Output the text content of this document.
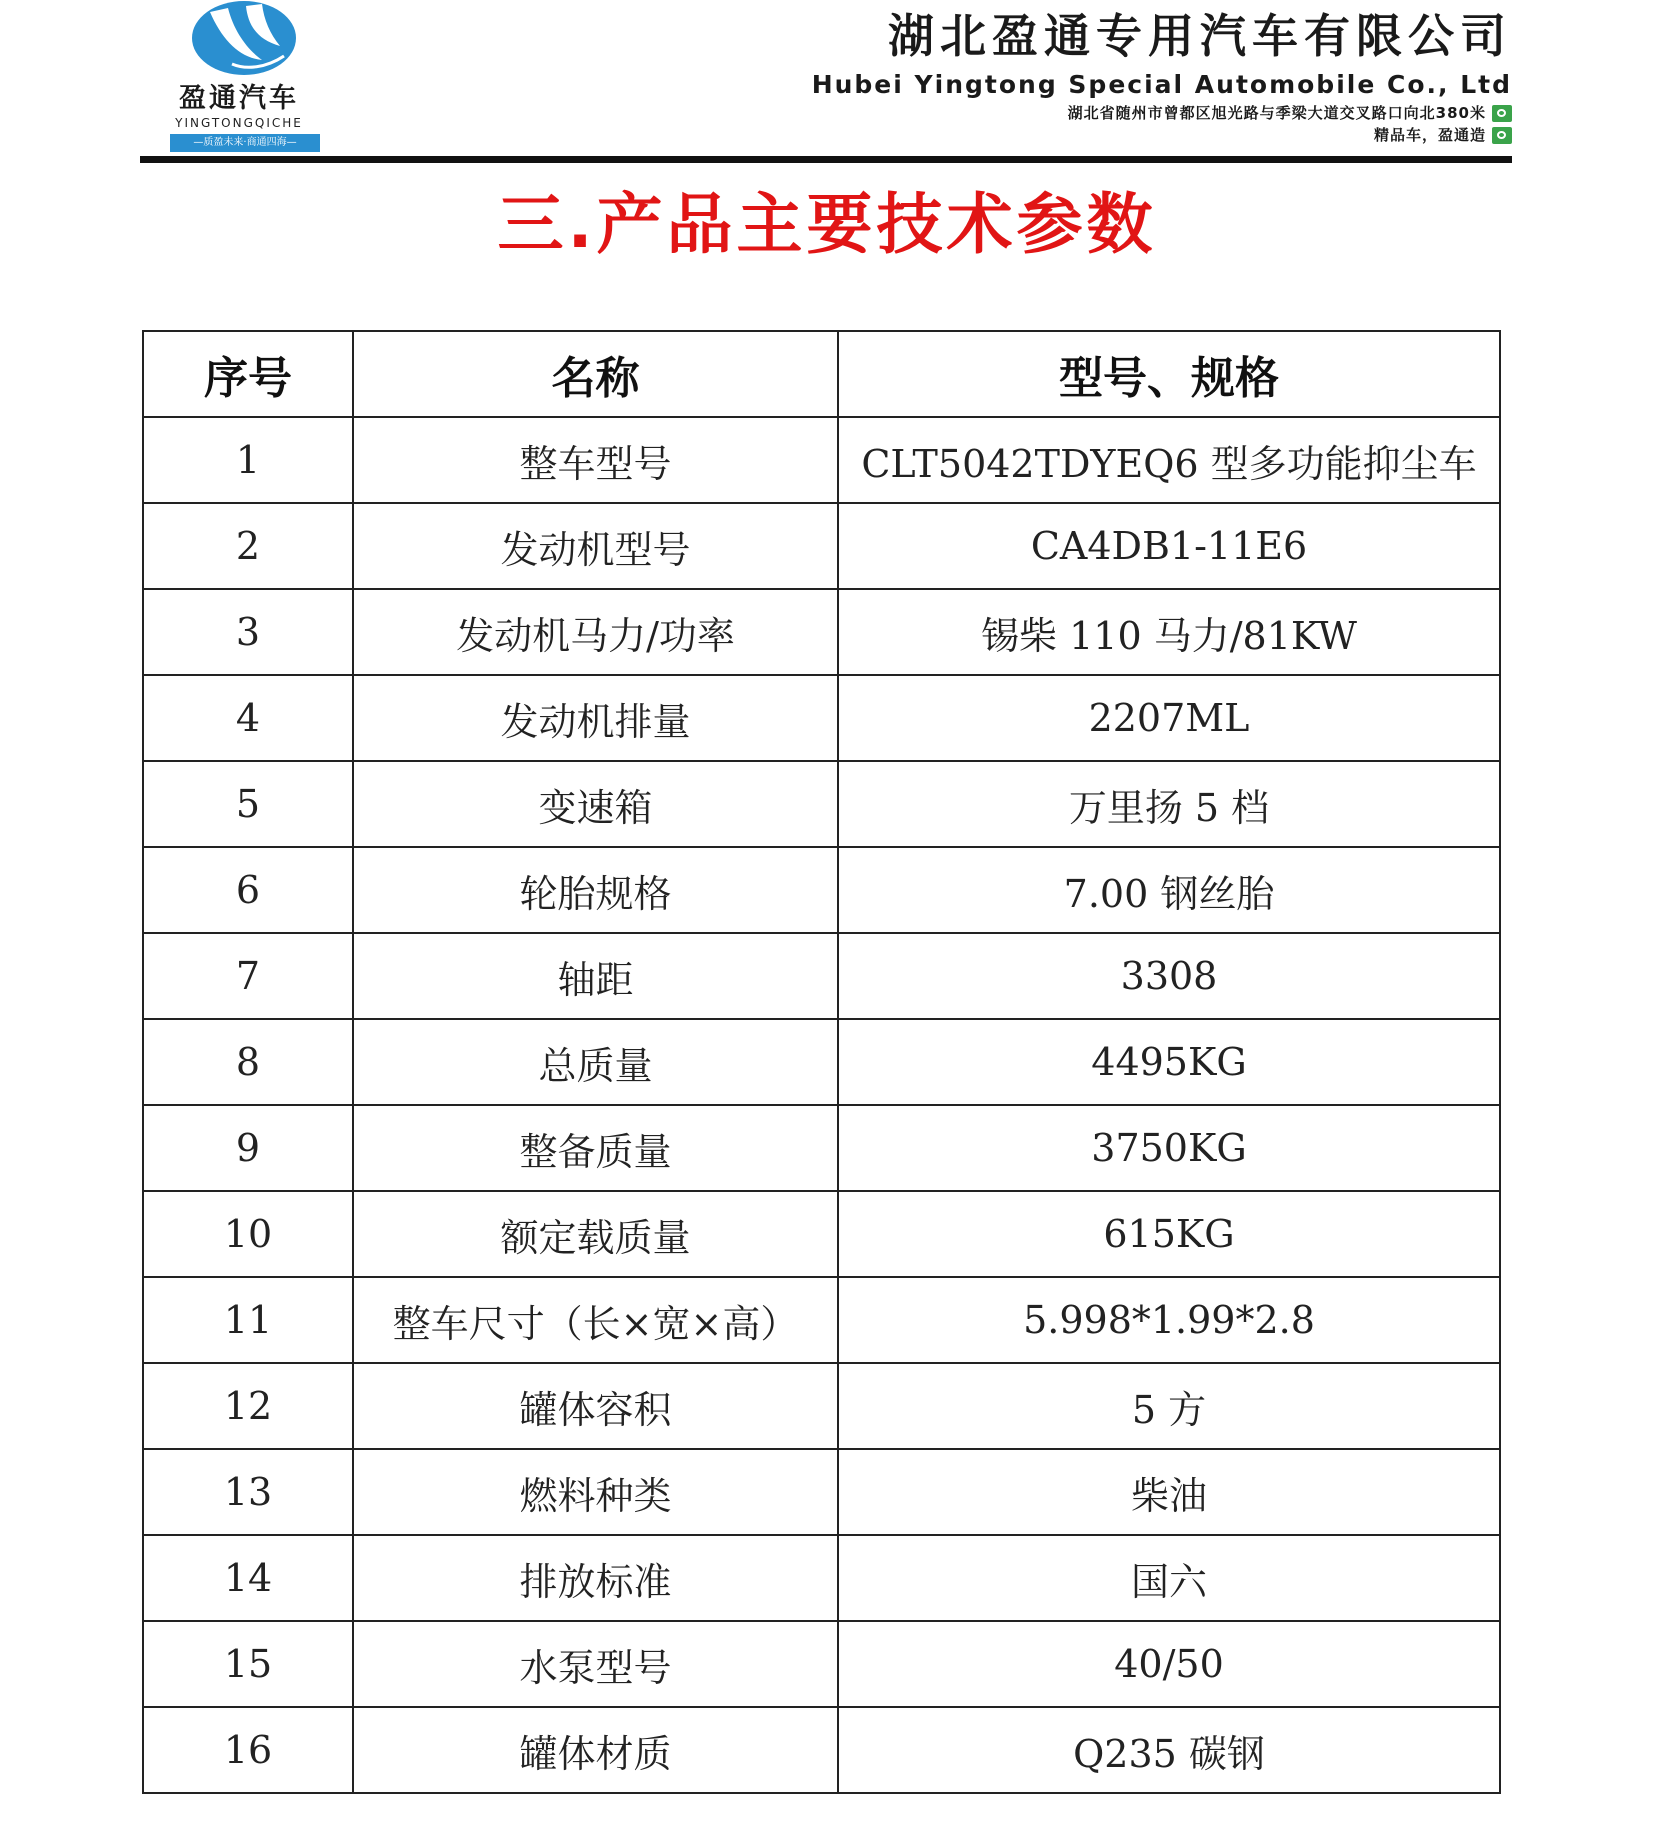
盈通汽车
YINGTONGQICHE
—质盈未来·商通四海—
湖北盈通专用汽车有限公司
Hubei Yingtong Special Automobile Co., Ltd
湖北省随州市曾都区旭光路与季梁大道交叉路口向北380米
精品车，盈通造
三.产品主要技术参数
序号	名称	型号、规格
1	整车型号	CLT5042TDYEQ6 型多功能抑尘车
2	发动机型号	CA4DB1-11E6
3	发动机马力/功率	锡柴 110 马力/81KW
4	发动机排量	2207ML
5	变速箱	万里扬 5 档
6	轮胎规格	7.00 钢丝胎
7	轴距	3308
8	总质量	4495KG
9	整备质量	3750KG
10	额定载质量	615KG
11	整车尺寸（长×宽×高）	5.998*1.99*2.8
12	罐体容积	5 方
13	燃料种类	柴油
14	排放标准	国六
15	水泵型号	40/50
16	罐体材质	Q235 碳钢
